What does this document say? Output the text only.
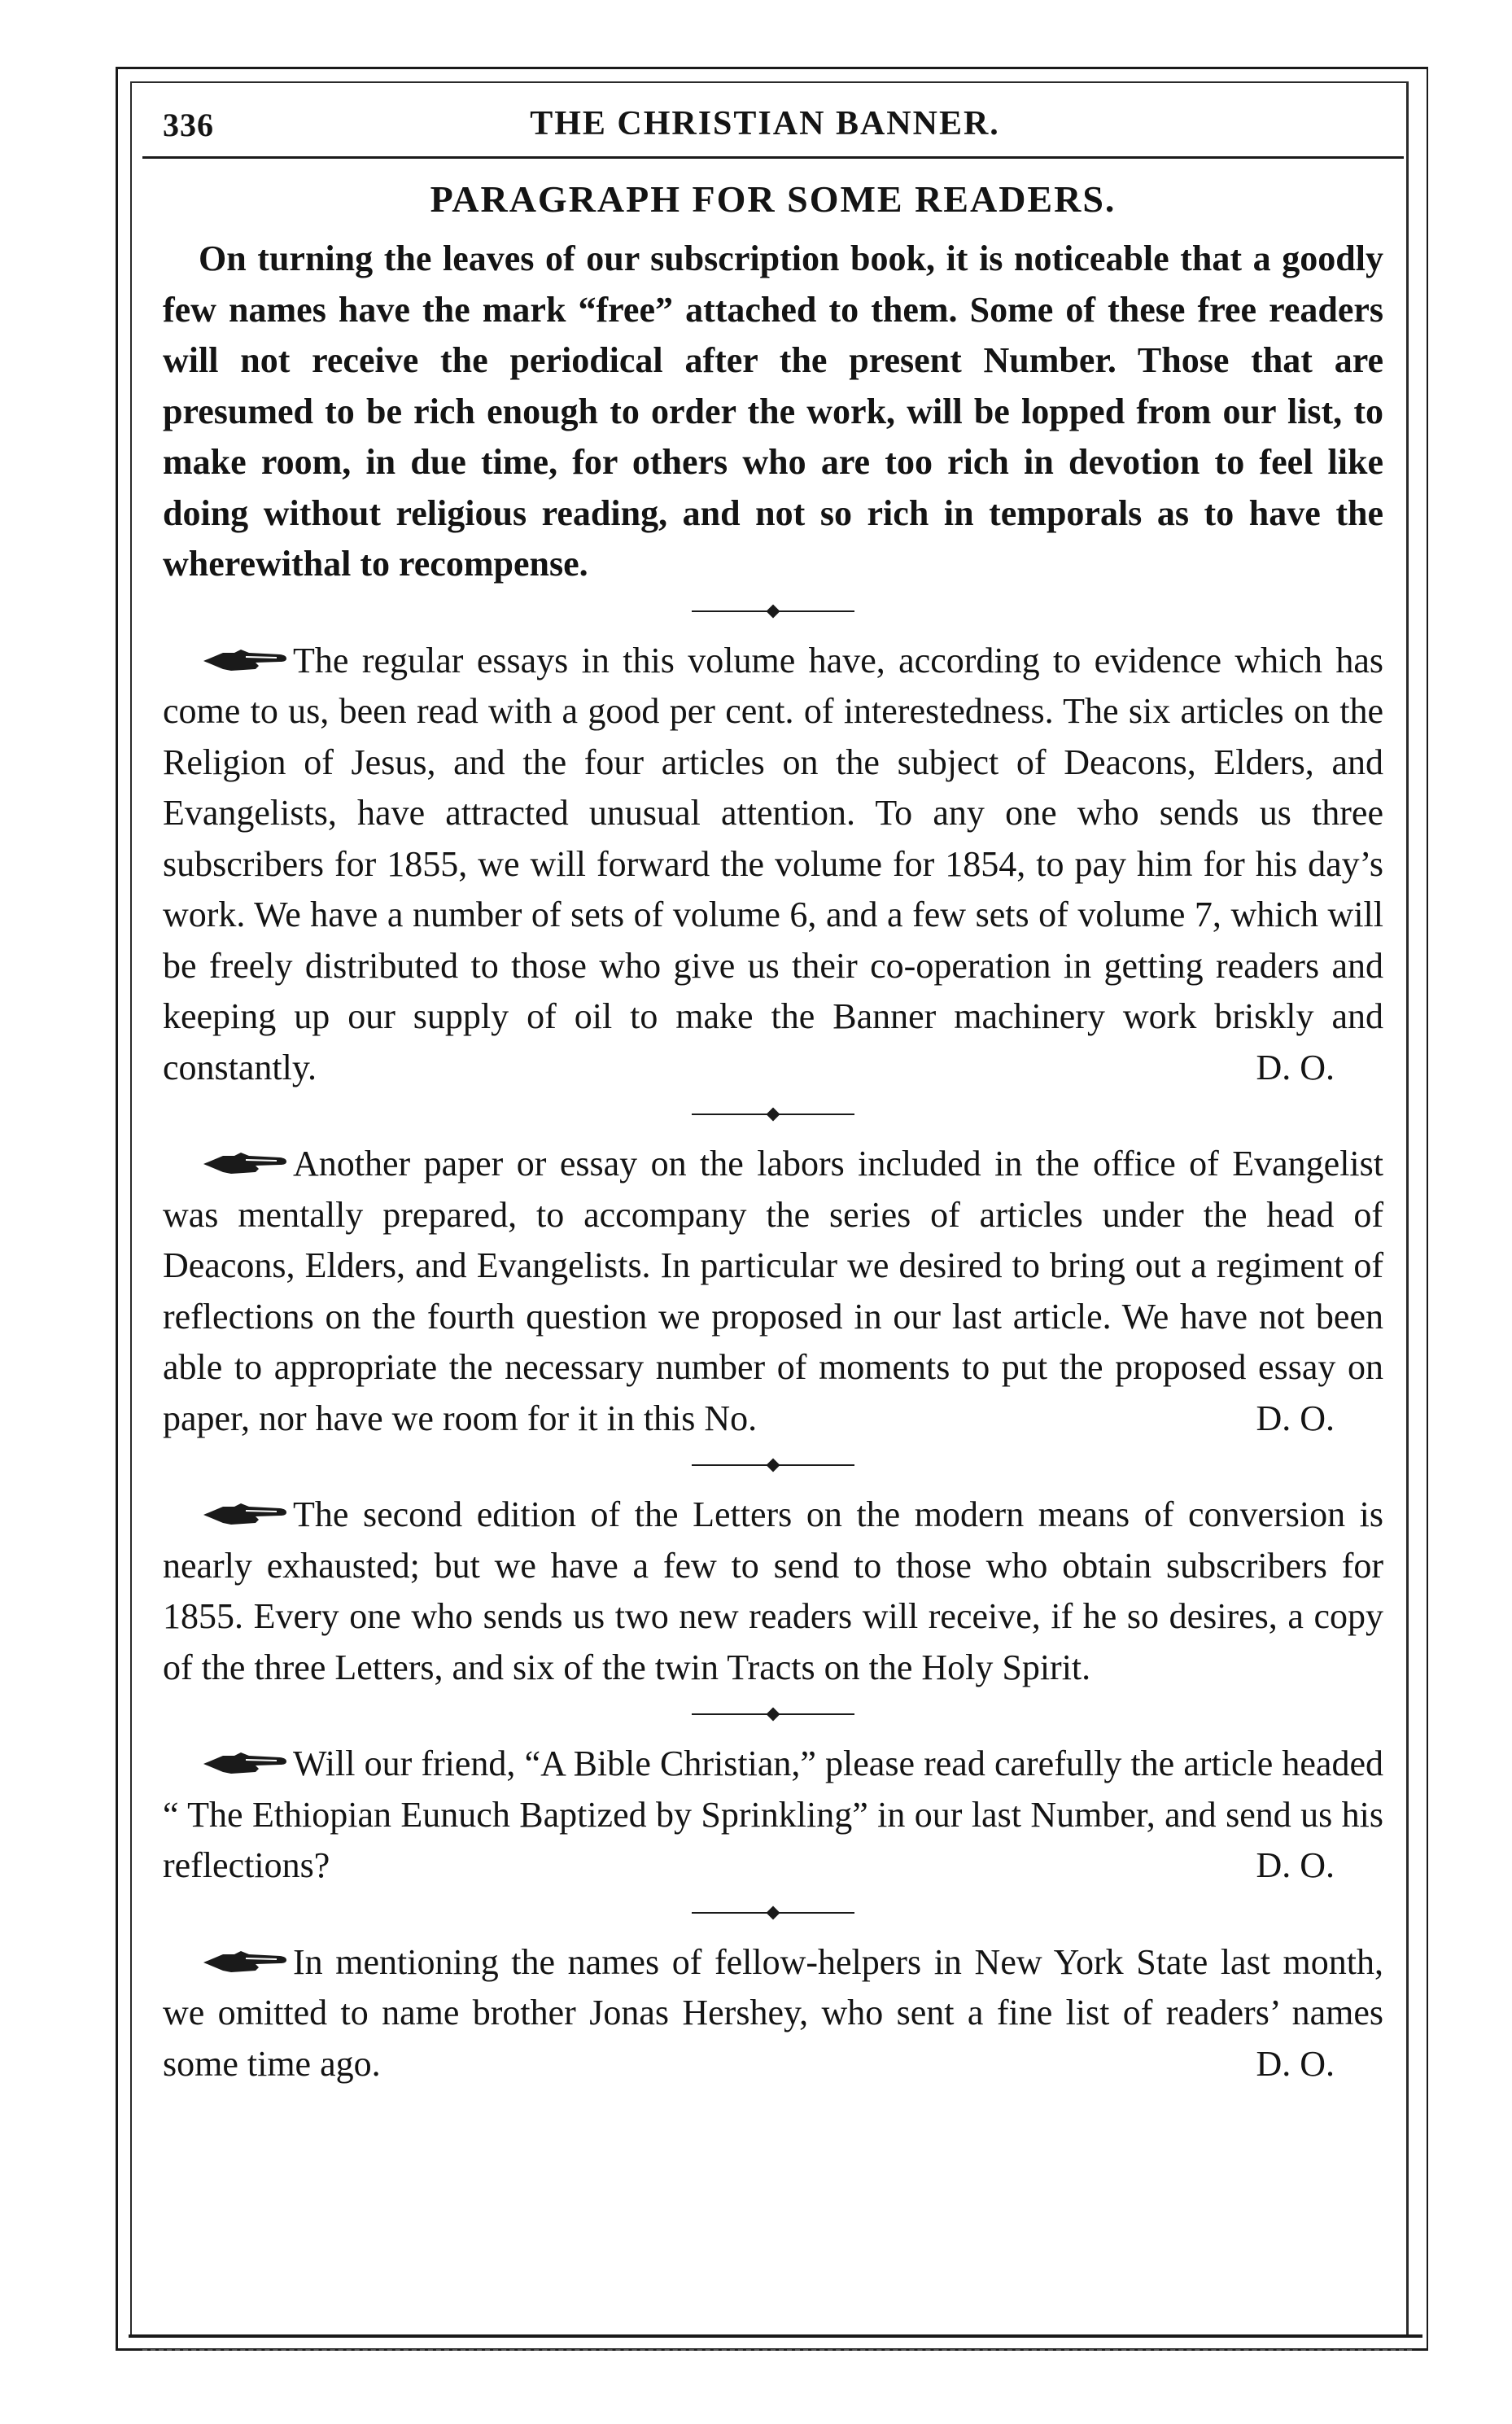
336	THE CHRISTIAN BANNER.
PARAGRAPH FOR SOME READERS.

On turning the leaves of our subscription book, it is noticeable that a goodly few names have the mark “free” attached to them. Some of these free readers will not receive the periodical after the present Number. Those that are presumed to be rich enough to order the work, will be lopped from our list, to make room, in due time, for others who are too rich in devotion to feel like doing without religious reading, and not so rich in temporals as to have the wherewithal to recompense.

The regular essays in this volume have, according to evidence which has come to us, been read with a good per cent. of interestedness. The six articles on the Religion of Jesus, and the four articles on the subject of Deacons, Elders, and Evangelists, have attracted unusual attention. To any one who sends us three subscribers for 1855, we will forward the volume for 1854, to pay him for his day’s work. We have a number of sets of volume 6, and a few sets of volume 7, which will be freely distributed to those who give us their co-operation in getting readers and keeping up our supply of oil to make the Banner machinery work briskly and constantly.	D. O.

Another paper or essay on the labors included in the office of Evangelist was mentally prepared, to accompany the series of articles under the head of Deacons, Elders, and Evangelists. In particular we desired to bring out a regiment of reflections on the fourth question we proposed in our last article. We have not been able to appropriate the necessary number of moments to put the proposed essay on paper, nor have we room for it in this No.	D. O.

The second edition of the Letters on the modern means of conversion is nearly exhausted; but we have a few to send to those who obtain subscribers for 1855. Every one who sends us two new readers will receive, if he so desires, a copy of the three Letters, and six of the twin Tracts on the Holy Spirit.

Will our friend, “A Bible Christian,” please read carefully the article headed “ The Ethiopian Eunuch Baptized by Sprinkling” in our last Number, and send us his reflections?	D. O.

In mentioning the names of fellow-helpers in New York State last month, we omitted to name brother Jonas Hershey, who sent a fine list of readers’ names some time ago.	D. O.
